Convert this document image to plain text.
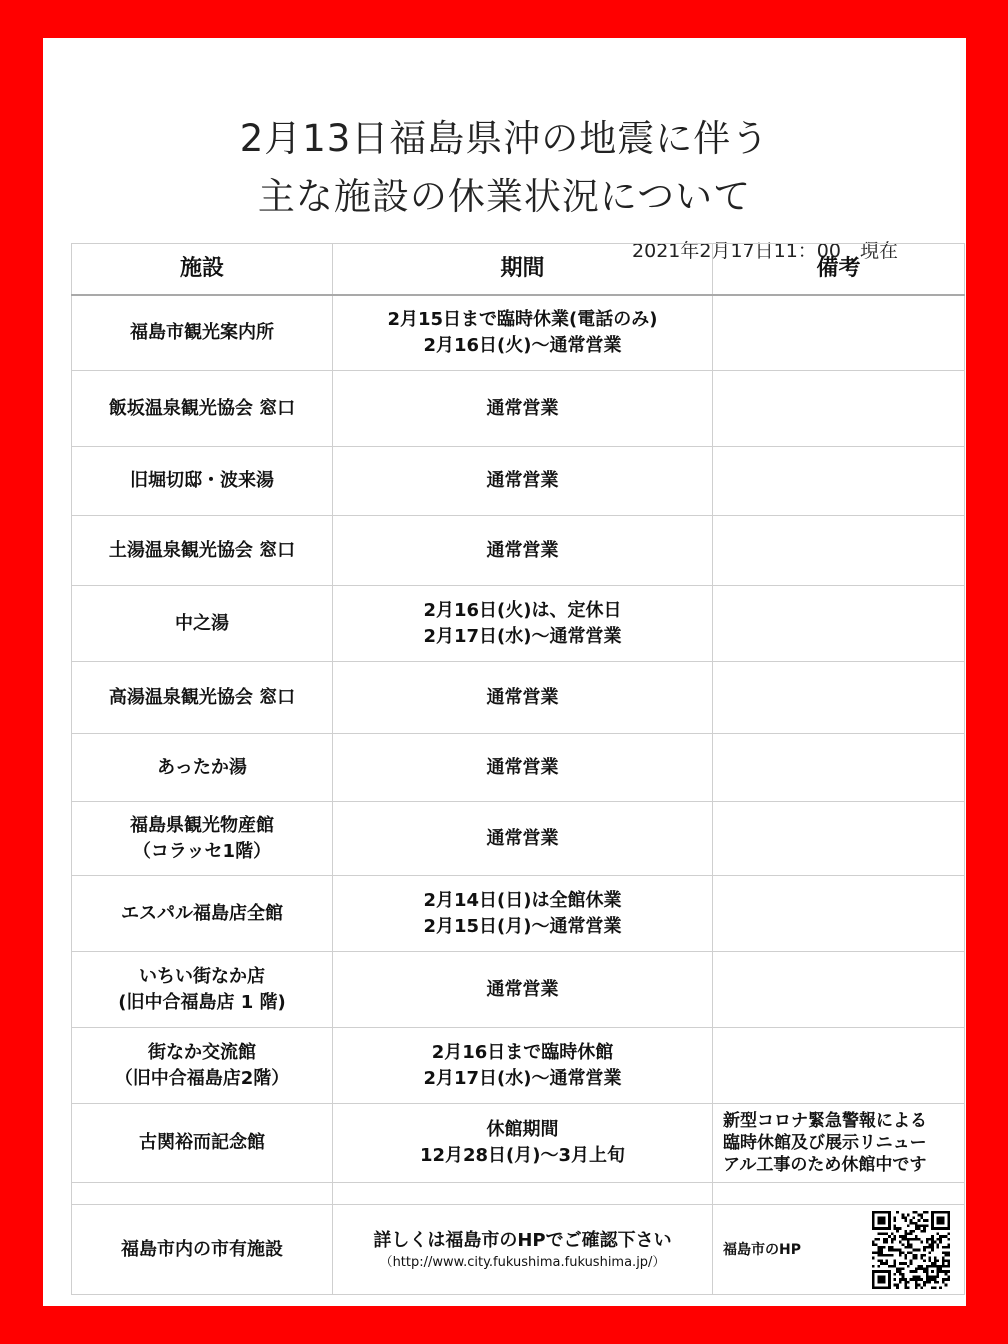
2月13日福島県沖の地震に伴う
主な施設の休業状況について
2021年2月17日11：00　現在
施設	期間	備考

福島市観光案内所	2月15日まで臨時休業(電話のみ)
2月16日(火)～通常営業	

飯坂温泉観光協会 窓口	通常営業	

旧堀切邸・波来湯	通常営業	

土湯温泉観光協会 窓口	通常営業	

中之湯	2月16日(火)は、定休日
2月17日(水)～通常営業	

高湯温泉観光協会 窓口	通常営業	

あったか湯	通常営業	

福島県観光物産館
（コラッセ1階）	通常営業	

エスパル福島店全館	2月14日(日)は全館休業
2月15日(月)～通常営業	

いちい街なか店
(旧中合福島店 1 階)	通常営業	

街なか交流館
（旧中合福島店2階）	2月16日まで臨時休館
2月17日(水)～通常営業	

古関裕而記念館	休館期間
12月28日(月)～3月上旬	新型コロナ緊急警報による
臨時休館及び展示リニュー
アル工事のため休館中です

福島市内の市有施設	詳しくは福島市のHPでご確認下さい
（http://www.city.fukushima.fukushima.jp/）	福島市のHP
